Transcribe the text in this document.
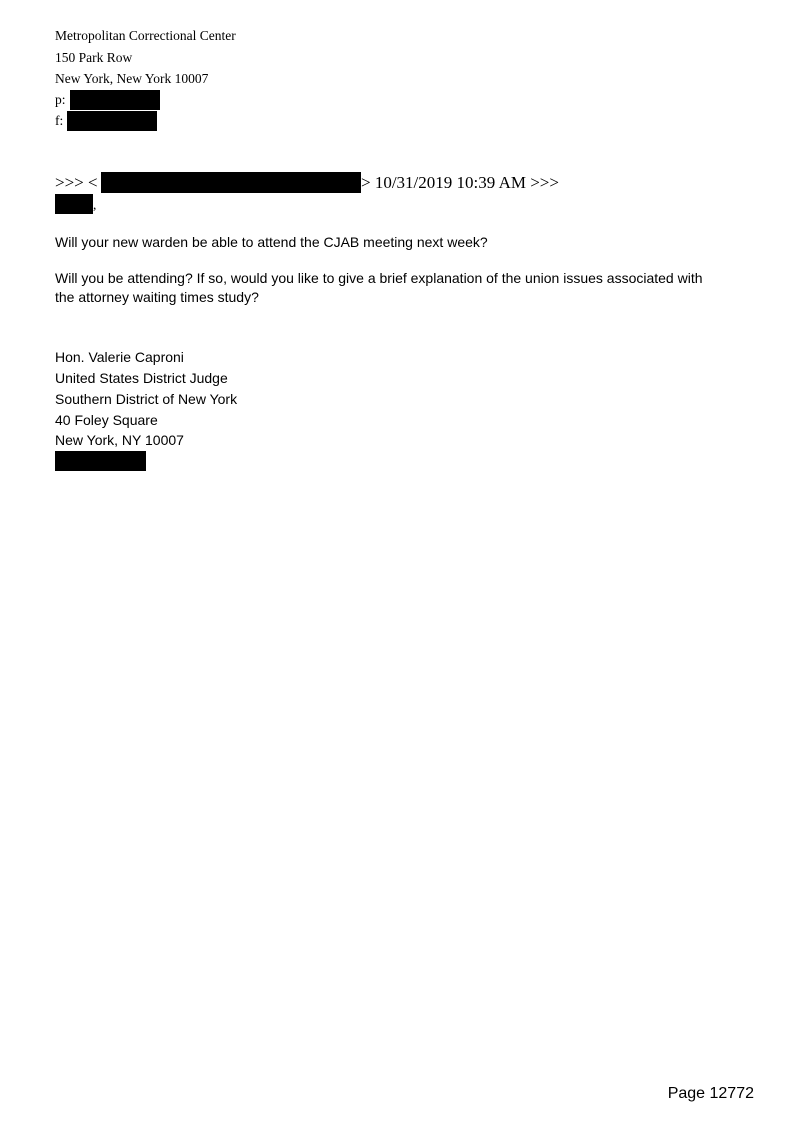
Metropolitan Correctional Center
150 Park Row
New York, New York 10007
p:
f:
>>> <	> 10/31/2019 10:39 AM >>>
,
Will your new warden be able to attend the CJAB meeting next week?
Will you be attending? If so, would you like to give a brief explanation of the union issues associated with
the attorney waiting times study?
Hon. Valerie Caproni
United States District Judge
Southern District of New York
40 Foley Square
New York, NY 10007
Page 12772
